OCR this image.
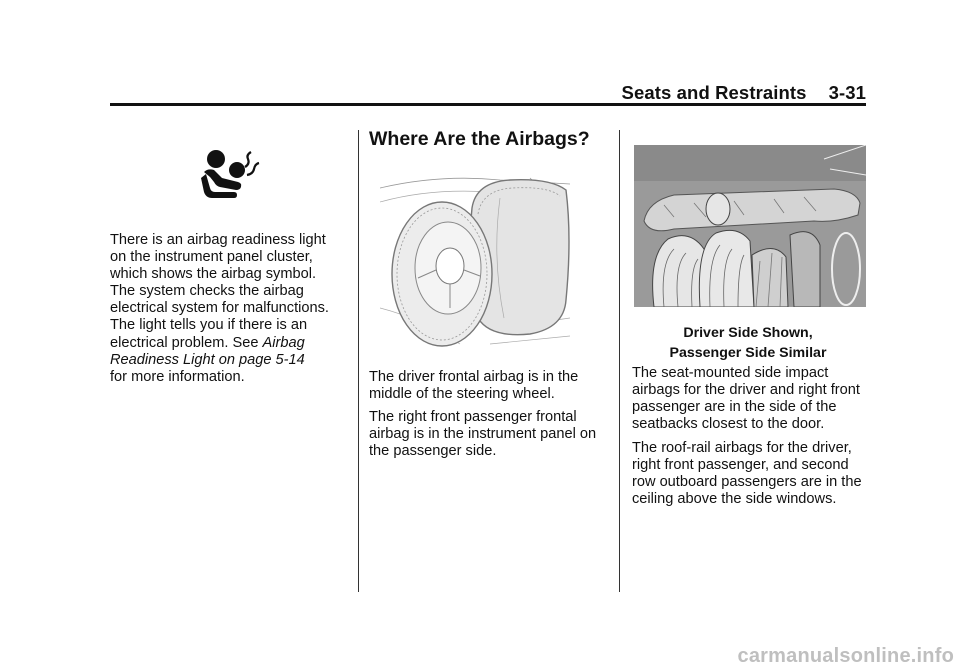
Seats and Restraints 3-31
There is an airbag readiness light
on the instrument panel cluster,
which shows the airbag symbol.
The system checks the airbag
electrical system for malfunctions.
The light tells you if there is an
electrical problem. See Airbag
Readiness Light on page 5-14
for more information.
Where Are the Airbags?
The driver frontal airbag is in the
middle of the steering wheel.
The right front passenger frontal
airbag is in the instrument panel on
the passenger side.
Driver Side Shown,
Passenger Side Similar
The seat-mounted side impact
airbags for the driver and right front
passenger are in the side of the
seatbacks closest to the door.
The roof-rail airbags for the driver,
right front passenger, and second
row outboard passengers are in the
ceiling above the side windows.
carmanualsonline.info
